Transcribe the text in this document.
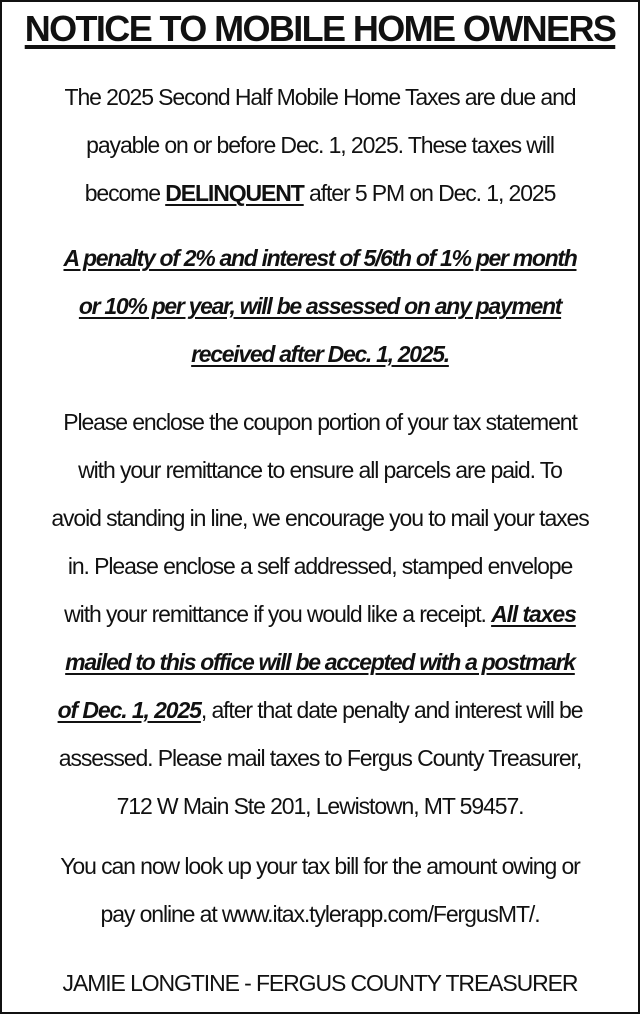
NOTICE TO MOBILE HOME OWNERS
The 2025 Second Half Mobile Home Taxes are due and
payable on or before Dec. 1, 2025. These taxes will
become DELINQUENT after 5 PM on Dec. 1, 2025
A penalty of 2% and interest of 5/6th of 1% per month
or 10% per year, will be assessed on any payment
received after Dec. 1, 2025.
Please enclose the coupon portion of your tax statement
with your remittance to ensure all parcels are paid. To
avoid standing in line, we encourage you to mail your taxes
in. Please enclose a self addressed, stamped envelope
with your remittance if you would like a receipt. All taxes
mailed to this office will be accepted with a postmark
of Dec. 1, 2025, after that date penalty and interest will be
assessed. Please mail taxes to Fergus County Treasurer,
712 W Main Ste 201, Lewistown, MT 59457.
You can now look up your tax bill for the amount owing or
pay online at www.itax.tylerapp.com/FergusMT/.
JAMIE LONGTINE - FERGUS COUNTY TREASURER
